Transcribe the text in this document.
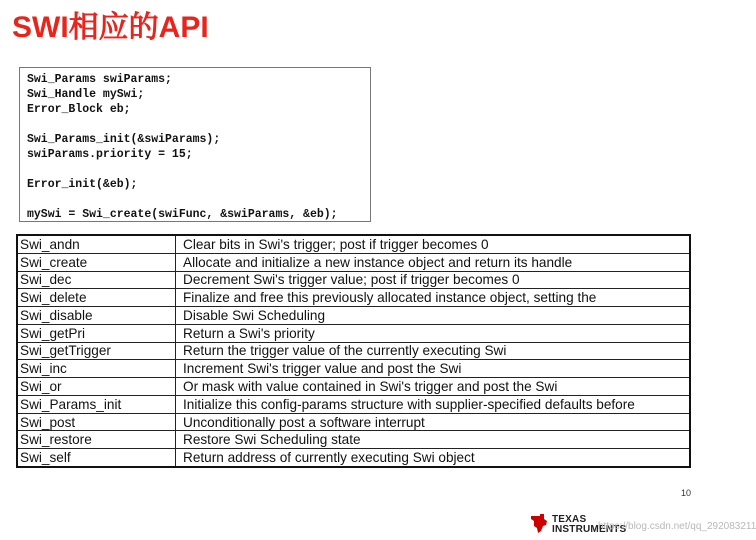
SWI相应的API
Swi_Params swiParams;
Swi_Handle mySwi;
Error_Block eb;
Swi_Params_init(&swiParams);
swiParams.priority = 15;
Error_init(&eb);
mySwi = Swi_create(swiFunc, &swiParams, &eb);
Swi_andn	Clear bits in Swi's trigger; post if trigger becomes 0
Swi_create	Allocate and initialize a new instance object and return its handle
Swi_dec	Decrement Swi's trigger value; post if trigger becomes 0
Swi_delete	Finalize and free this previously allocated instance object, setting the
Swi_disable	Disable Swi Scheduling
Swi_getPri	Return a Swi's priority
Swi_getTrigger	Return the trigger value of the currently executing Swi
Swi_inc	Increment Swi's trigger value and post the Swi
Swi_or	Or mask with value contained in Swi's trigger and post the Swi
Swi_Params_init	Initialize this config-params structure with supplier-specified defaults before
Swi_post	Unconditionally post a software interrupt
Swi_restore	Restore Swi Scheduling state
Swi_self	Return address of currently executing Swi object
10
TEXAS
INSTRUMENTS
https://blog.csdn.net/qq_292083211
